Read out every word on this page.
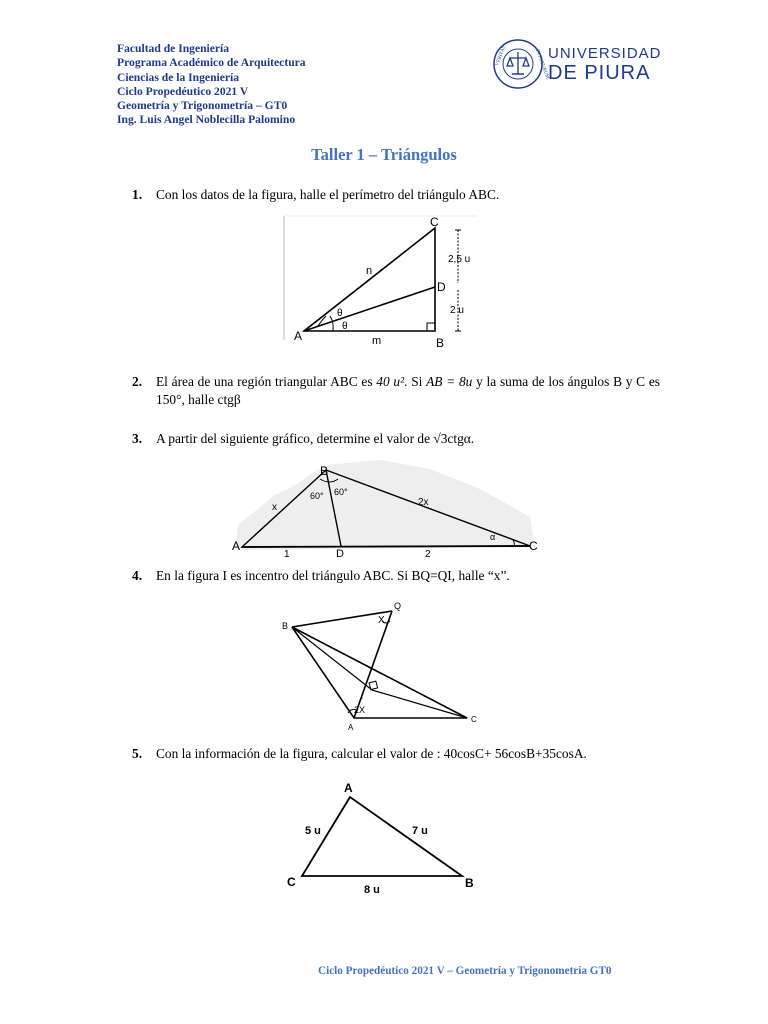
Facultad de Ingeniería
Programa Académico de Arquitectura
Ciencias de la Ingeniería
Ciclo Propedéutico 2021 V
Geometría y Trigonometría – GT0
Ing. Luis Angel Noblecilla Palomino
VERITAS	IN FUTURUM
UNIVERSIDAD
DE PIURA
Taller 1 – Triángulos
1. Con los datos de la figura, halle el perímetro del triángulo ABC.
C
D
A	B
n
m
θ
θ
2,5 u
2 u
2. El área de una región triangular ABC es 40 u². Si AB = 8u y la suma de los ángulos B y C es 150°, halle ctgβ
3. A partir del siguiente gráfico, determine el valor de √3ctgα.
B
A	C
D
x	2x
60° 60°
α
1	2
4. En la figura I es incentro del triángulo ABC. Si BQ=QI, halle “x”.
B
Q
X
I
A
C
2X
5. Con la información de la figura, calcular el valor de : 40cosC+ 56cosB+35cosA.
A
C	B
5 u	7 u
8 u
Ciclo Propedéutico 2021 V – Geometría y Trigonometría GT0
